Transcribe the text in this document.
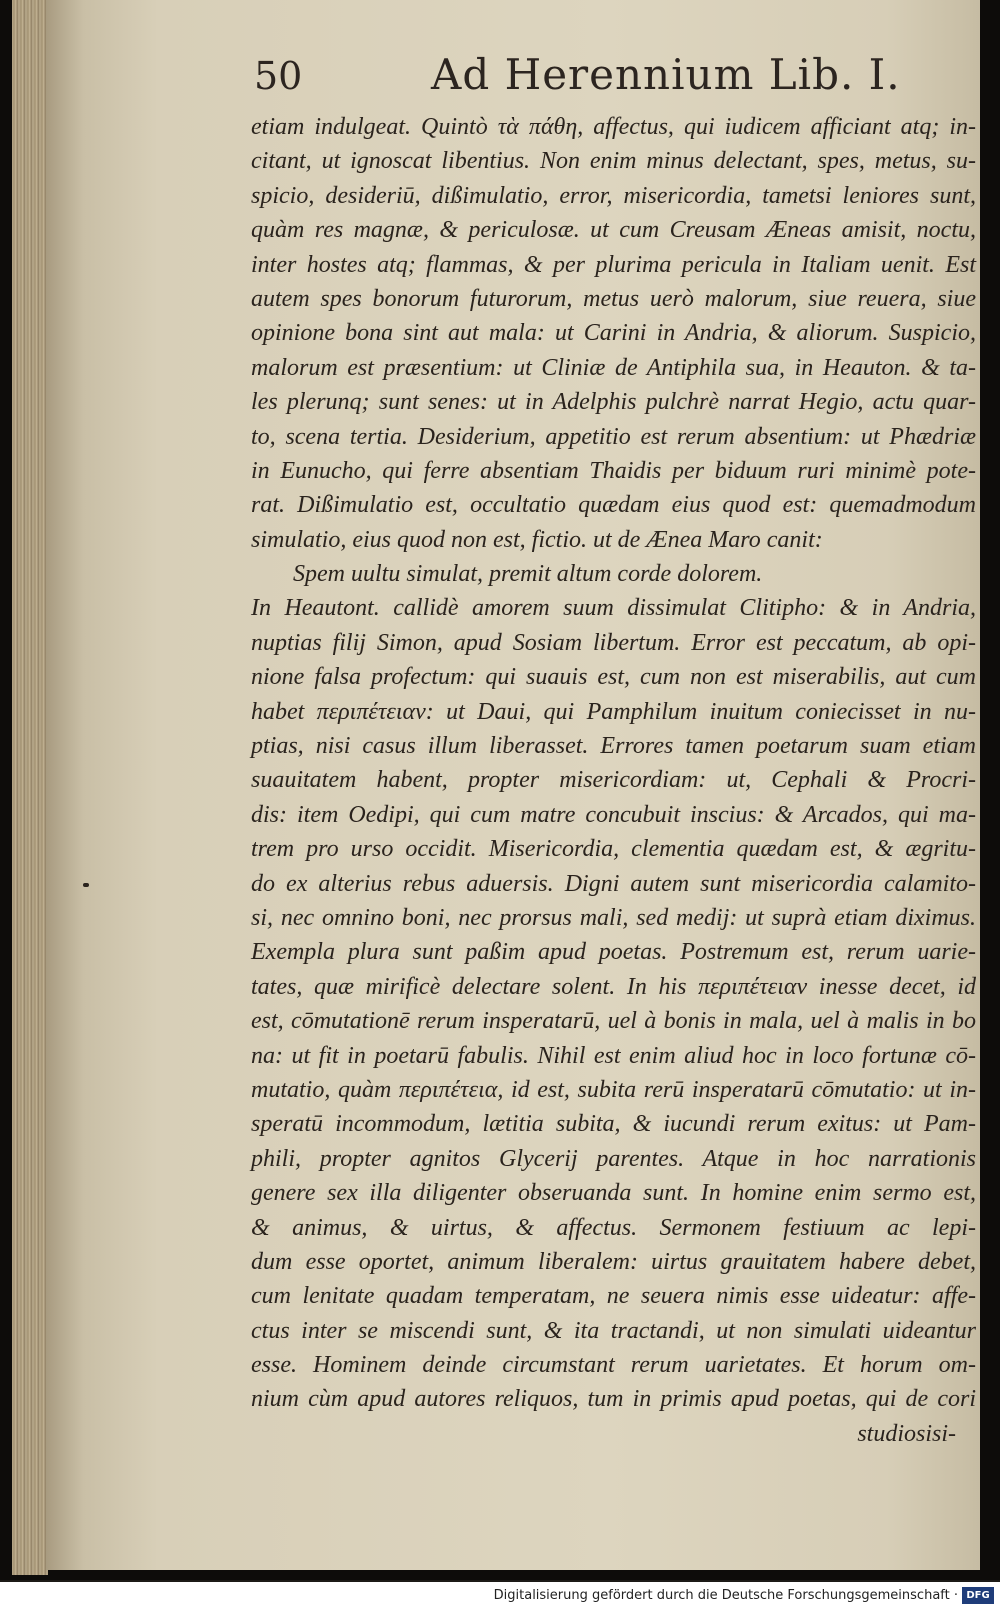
50	Ad Herennium Lib. I.
etiam indulgeat. Quintò τὰ πάθη, affectus, qui iudicem afficiant atq; in-
citant, ut ignoscat libentius. Non enim minus delectant, spes, metus, su-
spicio, desideriū, dißimulatio, error, misericordia, tametsi leniores sunt,
quàm res magnæ, & periculosæ. ut cum Creusam Æneas amisit, noctu,
inter hostes atq; flammas, & per plurima pericula in Italiam uenit. Est
autem spes bonorum futurorum, metus uerò malorum, siue reuera, siue
opinione bona sint aut mala: ut Carini in Andria, & aliorum. Suspicio,
malorum est præsentium: ut Cliniæ de Antiphila sua, in Heauton. & ta-
les plerunq; sunt senes: ut in Adelphis pulchrè narrat Hegio, actu quar-
to, scena tertia. Desiderium, appetitio est rerum absentium: ut Phædriæ
in Eunucho, qui ferre absentiam Thaidis per biduum ruri minimè pote-
rat. Dißimulatio est, occultatio quædam eius quod est: quemadmodum
simulatio, eius quod non est, fictio. ut de Ænea Maro canit:
Spem uultu simulat, premit altum corde dolorem.
In Heautont. callidè amorem suum dissimulat Clitipho: & in Andria,
nuptias filij Simon, apud Sosiam libertum. Error est peccatum, ab opi-
nione falsa profectum: qui suauis est, cum non est miserabilis, aut cum
habet περιπέτειαν: ut Daui, qui Pamphilum inuitum coniecisset in nu-
ptias, nisi casus illum liberasset. Errores tamen poetarum suam etiam
suauitatem habent, propter misericordiam: ut, Cephali & Procri-
dis: item Oedipi, qui cum matre concubuit inscius: & Arcados, qui ma-
trem pro urso occidit. Misericordia, clementia quædam est, & ægritu-
do ex alterius rebus aduersis. Digni autem sunt misericordia calamito-
si, nec omnino boni, nec prorsus mali, sed medij: ut suprà etiam diximus.
Exempla plura sunt paßim apud poetas. Postremum est, rerum uarie-
tates, quæ mirificè delectare solent. In his περιπέτειαν inesse decet, id
est, cōmutationē rerum insperatarū, uel à bonis in mala, uel à malis in bo
na: ut fit in poetarū fabulis. Nihil est enim aliud hoc in loco fortunæ cō-
mutatio, quàm περιπέτεια, id est, subita rerū insperatarū cōmutatio: ut in-
speratū incommodum, lætitia subita, & iucundi rerum exitus: ut Pam-
phili, propter agnitos Glycerij parentes. Atque in hoc narrationis
genere sex illa diligenter obseruanda sunt. In homine enim sermo est,
& animus, & uirtus, & affectus. Sermonem festiuum ac lepi-
dum esse oportet, animum liberalem: uirtus grauitatem habere debet,
cum lenitate quadam temperatam, ne seuera nimis esse uideatur: affe-
ctus inter se miscendi sunt, & ita tractandi, ut non simulati uideantur
esse. Hominem deinde circumstant rerum uarietates. Et horum om-
nium cùm apud autores reliquos, tum in primis apud poetas, qui de cori
studiosisi-
Digitalisierung gefördert durch die Deutsche Forschungsgemeinschaft · DFG
